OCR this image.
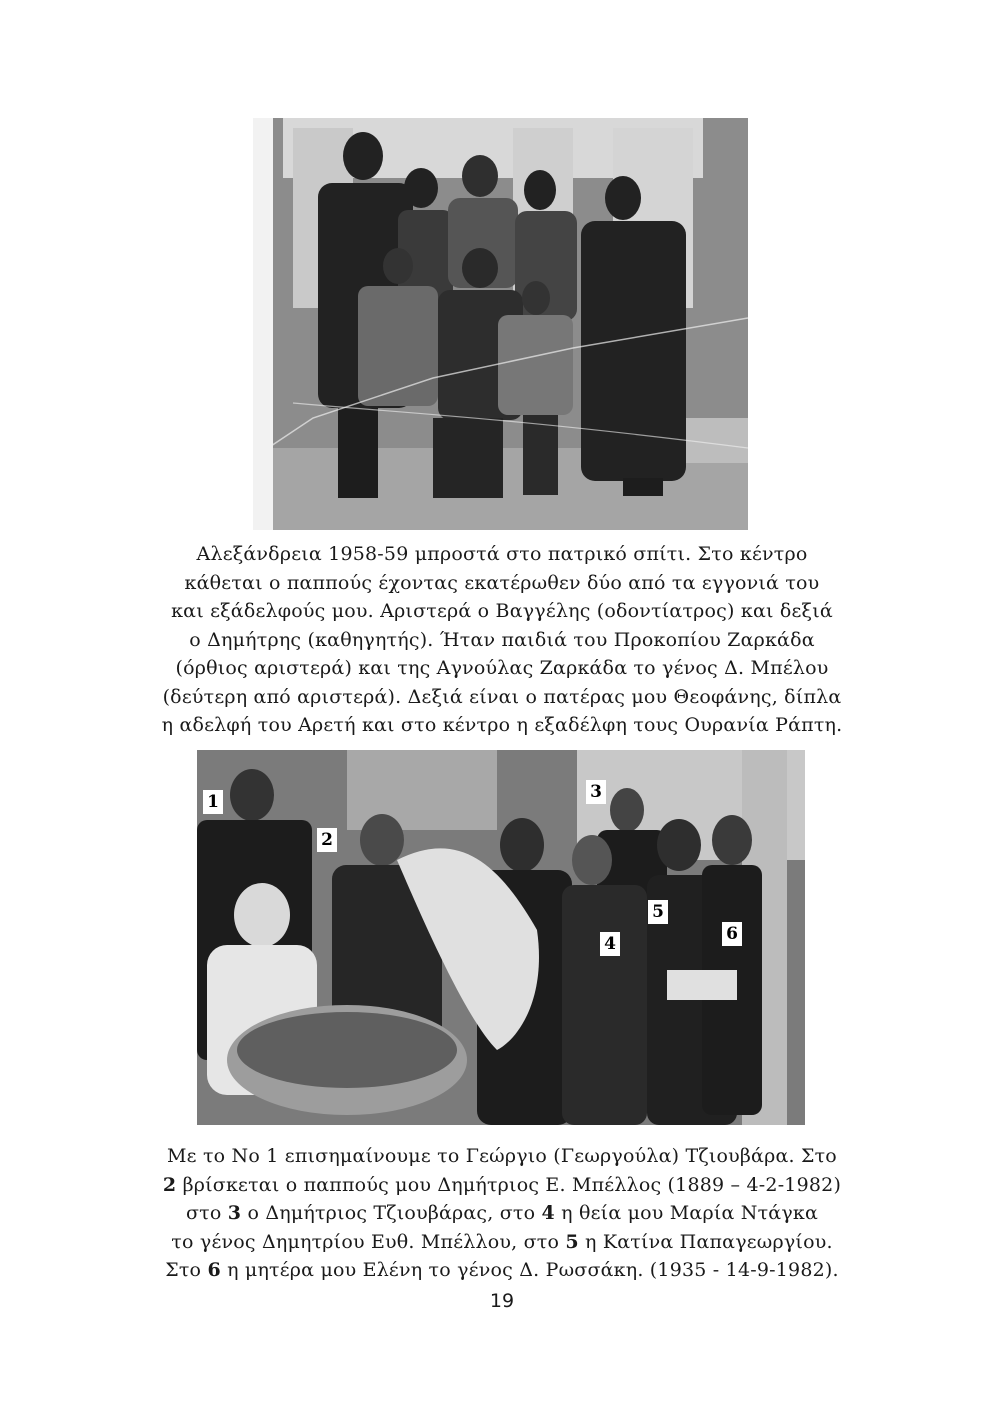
Αλεξάνδρεια 1958-59 μπροστά στο πατρικό σπίτι. Στο κέντρο
κάθεται ο παππούς έχοντας εκατέρωθεν δύο από τα εγγονιά του
και εξάδελφούς μου. Αριστερά ο Βαγγέλης (οδοντίατρος) και δεξιά
ο Δημήτρης (καθηγητής). Ήταν παιδιά του Προκοπίου Ζαρκάδα
(όρθιος αριστερά) και της Αγνούλας Ζαρκάδα το γένος Δ. Μπέλου
(δεύτερη από αριστερά). Δεξιά είναι ο πατέρας μου Θεοφάνης, δίπλα
η αδελφή του Αρετή και στο κέντρο η εξαδέλφη τους Ουρανία Ράπτη.
1
2
3
4
5
6
Με το Νο 1 επισημαίνουμε το Γεώργιο (Γεωργούλα) Τζιουβάρα. Στο
2 βρίσκεται ο παππούς μου Δημήτριος Ε. Μπέλλος (1889 – 4-2-1982)
στο 3 ο Δημήτριος Τζιουβάρας, στο 4 η θεία μου Μαρία Ντάγκα
το γένος Δημητρίου Ευθ. Μπέλλου, στο 5 η Κατίνα Παπαγεωργίου.
Στο 6 η μητέρα μου Ελένη το γένος Δ. Ρωσσάκη. (1935 - 14-9-1982).
19
